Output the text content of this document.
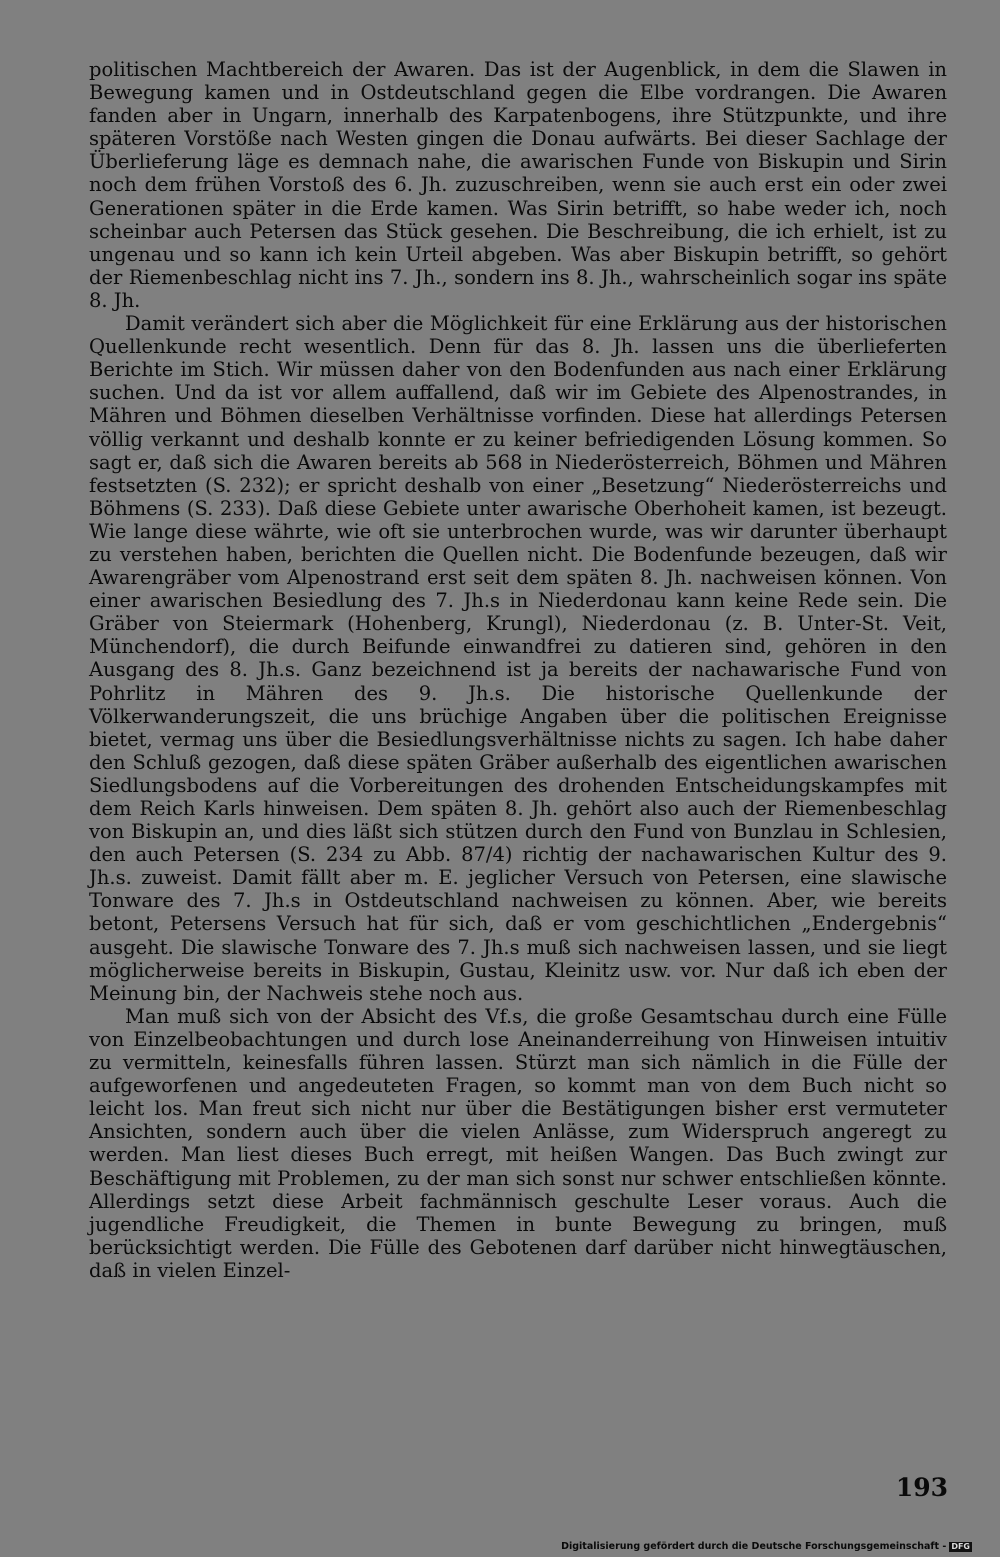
politischen Machtbereich der Awaren. Das ist der Augenblick, in dem die Slawen in Bewegung kamen und in Ostdeutschland gegen die Elbe vordrangen. Die Awaren fanden aber in Ungarn, innerhalb des Karpatenbogens, ihre Stützpunkte, und ihre späteren Vorstöße nach Westen gingen die Donau aufwärts. Bei dieser Sachlage der Überlieferung läge es demnach nahe, die awarischen Funde von Biskupin und Sirin noch dem frühen Vorstoß des 6. Jh. zuzuschreiben, wenn sie auch erst ein oder zwei Generationen später in die Erde kamen. Was Sirin betrifft, so habe weder ich, noch scheinbar auch Petersen das Stück gesehen. Die Beschreibung, die ich erhielt, ist zu ungenau und so kann ich kein Urteil abgeben. Was aber Biskupin betrifft, so gehört der Riemenbeschlag nicht ins 7. Jh., sondern ins 8. Jh., wahrscheinlich sogar ins späte 8. Jh.

Damit verändert sich aber die Möglichkeit für eine Erklärung aus der historischen Quellenkunde recht wesentlich. Denn für das 8. Jh. lassen uns die überlieferten Berichte im Stich. Wir müssen daher von den Bodenfunden aus nach einer Erklärung suchen. Und da ist vor allem auffallend, daß wir im Gebiete des Alpenostrandes, in Mähren und Böhmen dieselben Verhältnisse vorfinden. Diese hat allerdings Petersen völlig verkannt und deshalb konnte er zu keiner befriedigenden Lösung kommen. So sagt er, daß sich die Awaren bereits ab 568 in Niederösterreich, Böhmen und Mähren festsetzten (S. 232); er spricht deshalb von einer „Besetzung“ Niederösterreichs und Böhmens (S. 233). Daß diese Gebiete unter awarische Oberhoheit kamen, ist bezeugt. Wie lange diese währte, wie oft sie unterbrochen wurde, was wir darunter überhaupt zu verstehen haben, berichten die Quellen nicht. Die Bodenfunde bezeugen, daß wir Awarengräber vom Alpenostrand erst seit dem späten 8. Jh. nachweisen können. Von einer awarischen Besiedlung des 7. Jh.s in Niederdonau kann keine Rede sein. Die Gräber von Steiermark (Hohenberg, Krungl), Niederdonau (z. B. Unter-St. Veit, Münchendorf), die durch Beifunde einwandfrei zu datieren sind, gehören in den Ausgang des 8. Jh.s. Ganz bezeichnend ist ja bereits der nachawarische Fund von Pohrlitz in Mähren des 9. Jh.s. Die historische Quellenkunde der Völkerwanderungszeit, die uns brüchige Angaben über die politischen Ereignisse bietet, vermag uns über die Besiedlungsverhältnisse nichts zu sagen. Ich habe daher den Schluß gezogen, daß diese späten Gräber außerhalb des eigentlichen awarischen Siedlungsbodens auf die Vorbereitungen des drohenden Entscheidungskampfes mit dem Reich Karls hinweisen. Dem späten 8. Jh. gehört also auch der Riemenbeschlag von Biskupin an, und dies läßt sich stützen durch den Fund von Bunzlau in Schlesien, den auch Petersen (S. 234 zu Abb. 87/4) richtig der nachawarischen Kultur des 9. Jh.s. zuweist. Damit fällt aber m. E. jeglicher Versuch von Petersen, eine slawische Tonware des 7. Jh.s in Ostdeutschland nachweisen zu können. Aber, wie bereits betont, Petersens Versuch hat für sich, daß er vom geschichtlichen „Endergebnis“ ausgeht. Die slawische Tonware des 7. Jh.s muß sich nachweisen lassen, und sie liegt möglicherweise bereits in Biskupin, Gustau, Kleinitz usw. vor. Nur daß ich eben der Meinung bin, der Nachweis stehe noch aus.

Man muß sich von der Absicht des Vf.s, die große Gesamtschau durch eine Fülle von Einzelbeobachtungen und durch lose Aneinanderreihung von Hinweisen intuitiv zu vermitteln, keinesfalls führen lassen. Stürzt man sich nämlich in die Fülle der aufgeworfenen und angedeuteten Fragen, so kommt man von dem Buch nicht so leicht los. Man freut sich nicht nur über die Bestätigungen bisher erst vermuteter Ansichten, sondern auch über die vielen Anlässe, zum Widerspruch angeregt zu werden. Man liest dieses Buch erregt, mit heißen Wangen. Das Buch zwingt zur Beschäftigung mit Problemen, zu der man sich sonst nur schwer entschließen könnte. Allerdings setzt diese Arbeit fachmännisch geschulte Leser voraus. Auch die jugendliche Freudigkeit, die Themen in bunte Bewegung zu bringen, muß berücksichtigt werden. Die Fülle des Gebotenen darf darüber nicht hinwegtäuschen, daß in vielen Einzel-

193
Digitalisierung gefördert durch die Deutsche Forschungsgemeinschaft - DFG
